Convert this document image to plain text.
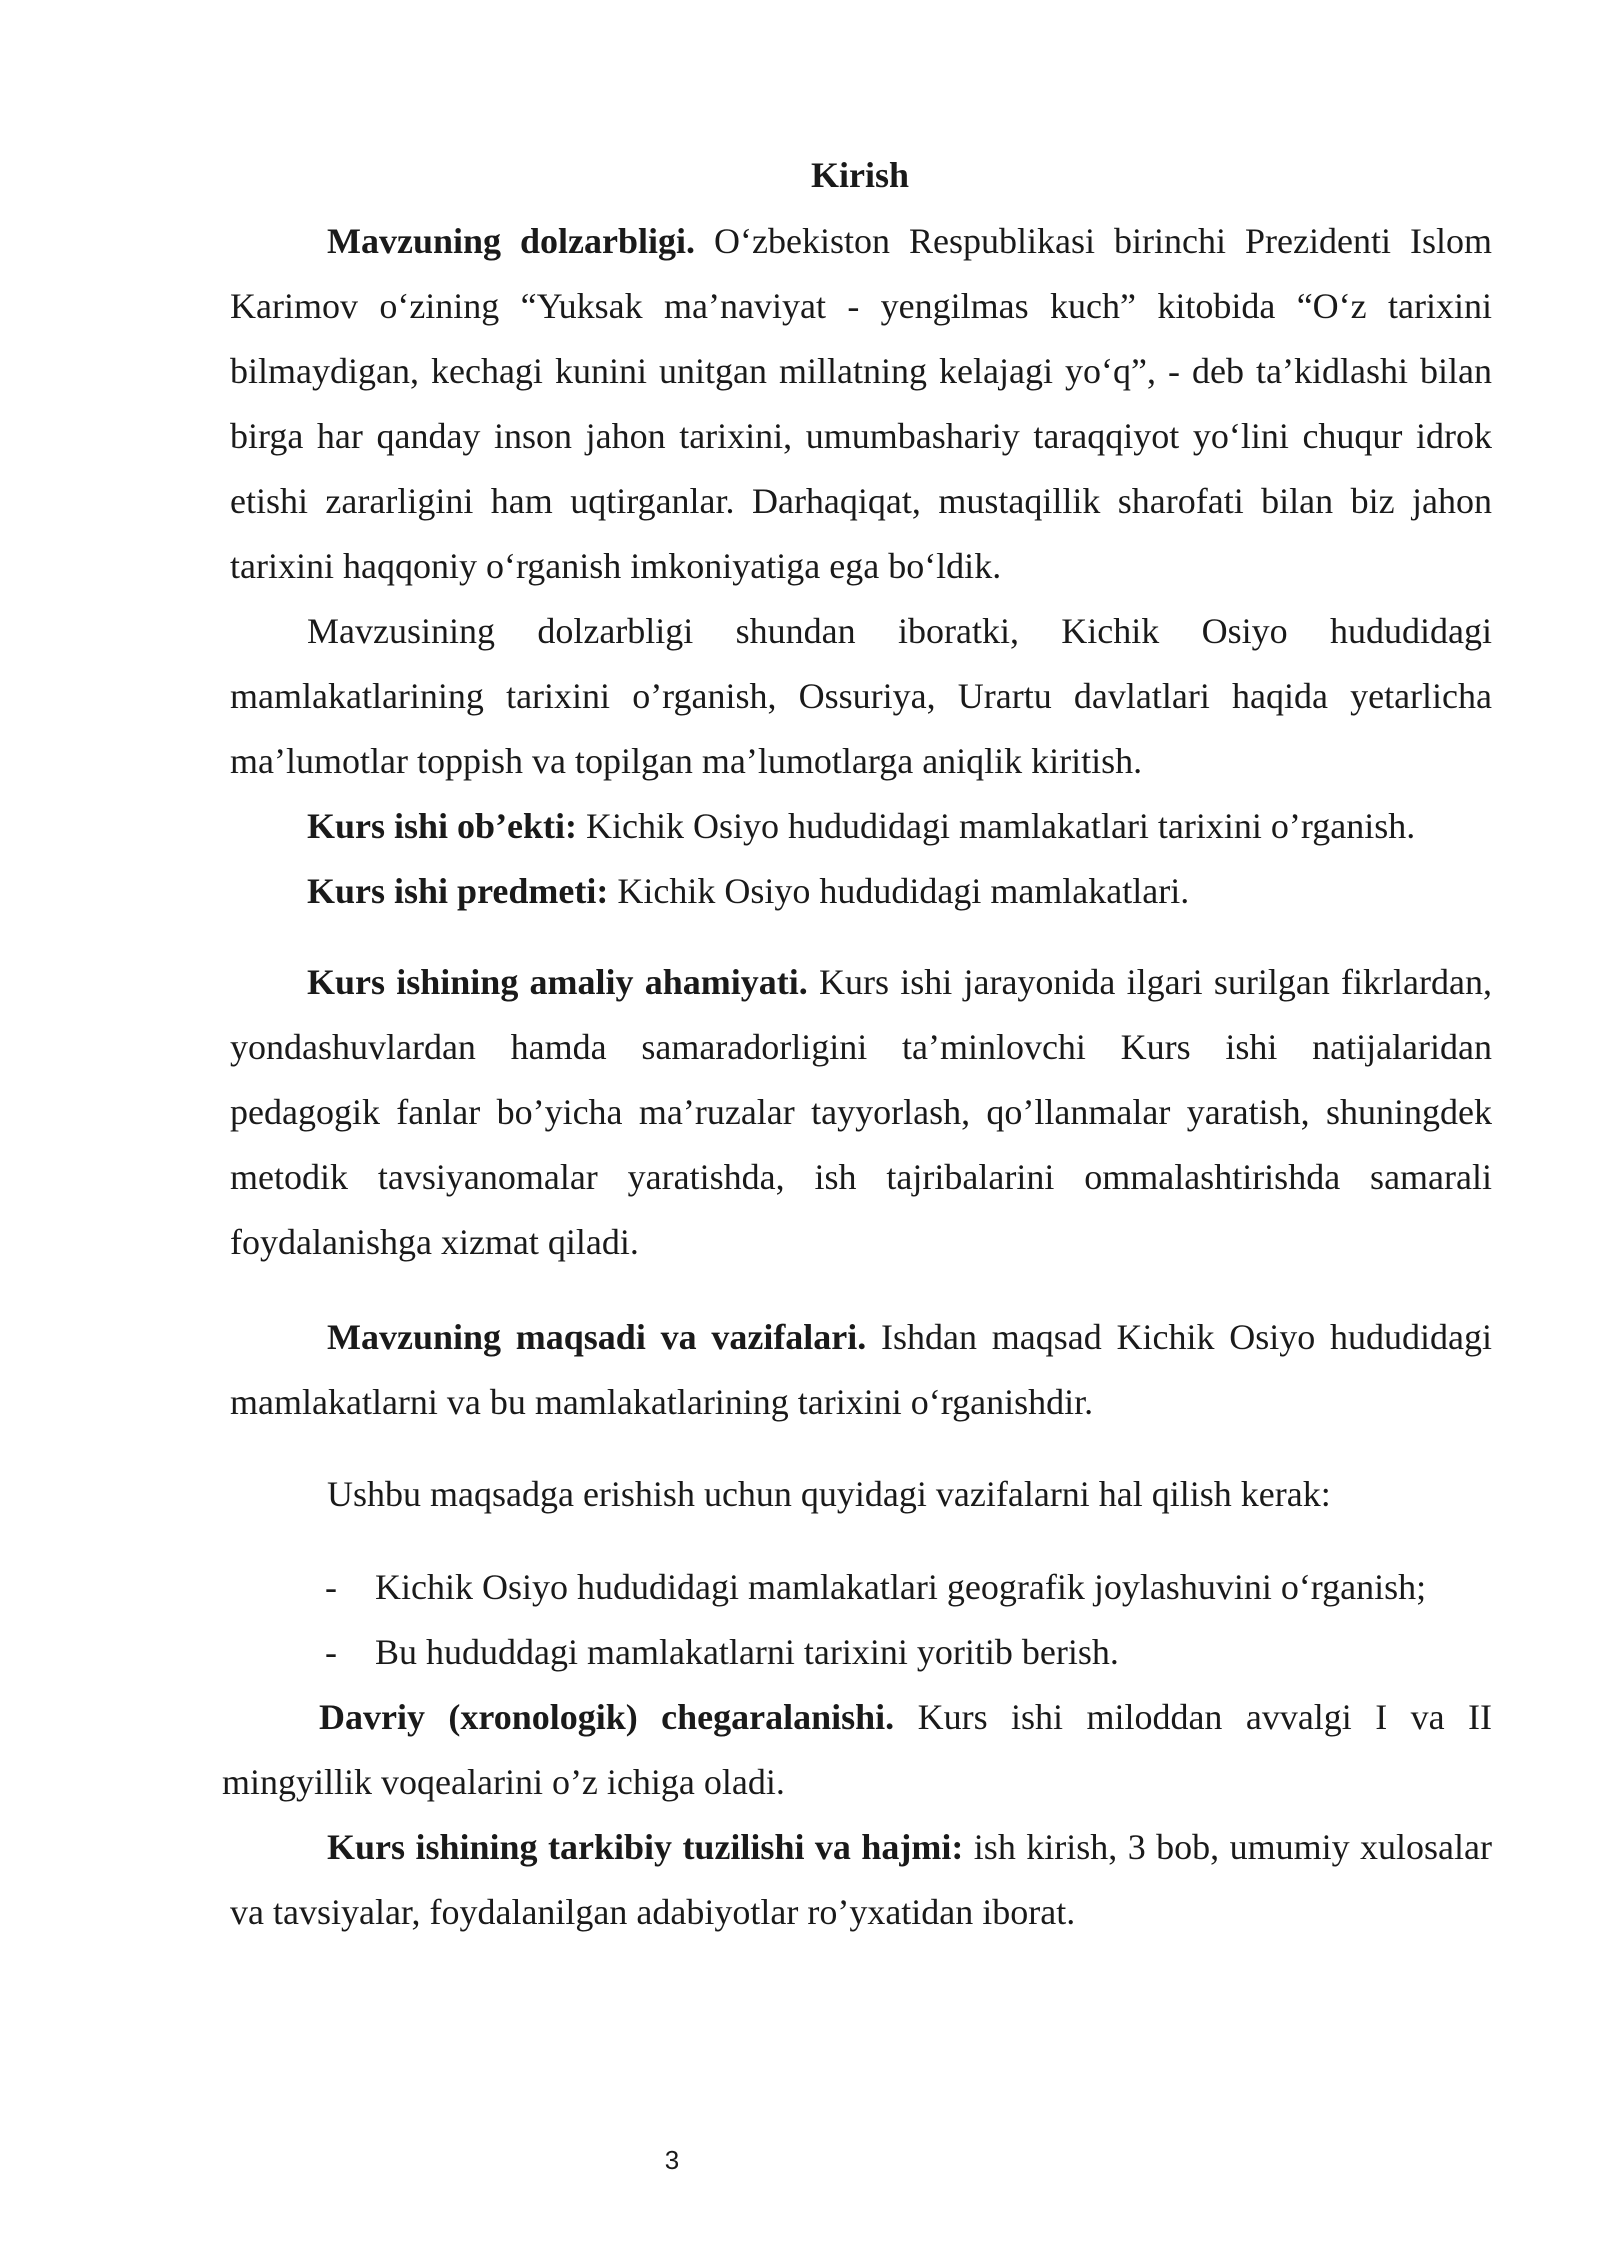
Kirish

Mavzuning dolzarbligi. O‘zbekiston Respublikasi birinchi Prezidenti Islom Karimov o‘zining “Yuksak ma’naviyat - yengilmas kuch” kitobida “O‘z tarixini bilmaydigan, kechagi kunini unitgan millatning kelajagi yo‘q”, - deb ta’kidlashi bilan birga har qanday inson jahon tarixini, umumbashariy taraqqiyot yo‘lini chuqur idrok etishi zararligini ham uqtirganlar. Darhaqiqat, mustaqillik sharofati bilan biz jahon tarixini haqqoniy o‘rganish imkoniyatiga ega bo‘ldik.

Mavzusining dolzarbligi shundan iboratki, Kichik Osiyo hududidagi mamlakatlarining tarixini o’rganish, Ossuriya, Urartu davlatlari haqida yetarlicha ma’lumotlar toppish va topilgan ma’lumotlarga aniqlik kiritish.

Kurs ishi ob’ekti: Kichik Osiyo hududidagi mamlakatlari tarixini o’rganish.

Kurs ishi predmeti: Kichik Osiyo hududidagi mamlakatlari.

Kurs ishining amaliy ahamiyati. Kurs ishi jarayonida ilgari surilgan fikrlardan, yondashuvlardan hamda samaradorligini ta’minlovchi Kurs ishi natijalaridan pedagogik fanlar bo’yicha ma’ruzalar tayyorlash, qo’llanmalar yaratish, shuningdek metodik tavsiyanomalar yaratishda, ish tajribalarini ommalashtirishda samarali foydalanishga xizmat qiladi.

Mavzuning maqsadi va vazifalari. Ishdan maqsad Kichik Osiyo hududidagi mamlakatlarni va bu mamlakatlarining tarixini o‘rganishdir.

Ushbu maqsadga erishish uchun quyidagi vazifalarni hal qilish kerak:

- Kichik Osiyo hududidagi mamlakatlari geografik joylashuvini o‘rganish;
- Bu hududdagi mamlakatlarni tarixini yoritib berish.

Davriy (xronologik) chegaralanishi. Kurs ishi miloddan avvalgi I va II mingyillik voqealarini o’z ichiga oladi.

Kurs ishining tarkibiy tuzilishi va hajmi: ish kirish, 3 bob, umumiy xulosalar va tavsiyalar, foydalanilgan adabiyotlar ro’yxatidan iborat.

3
